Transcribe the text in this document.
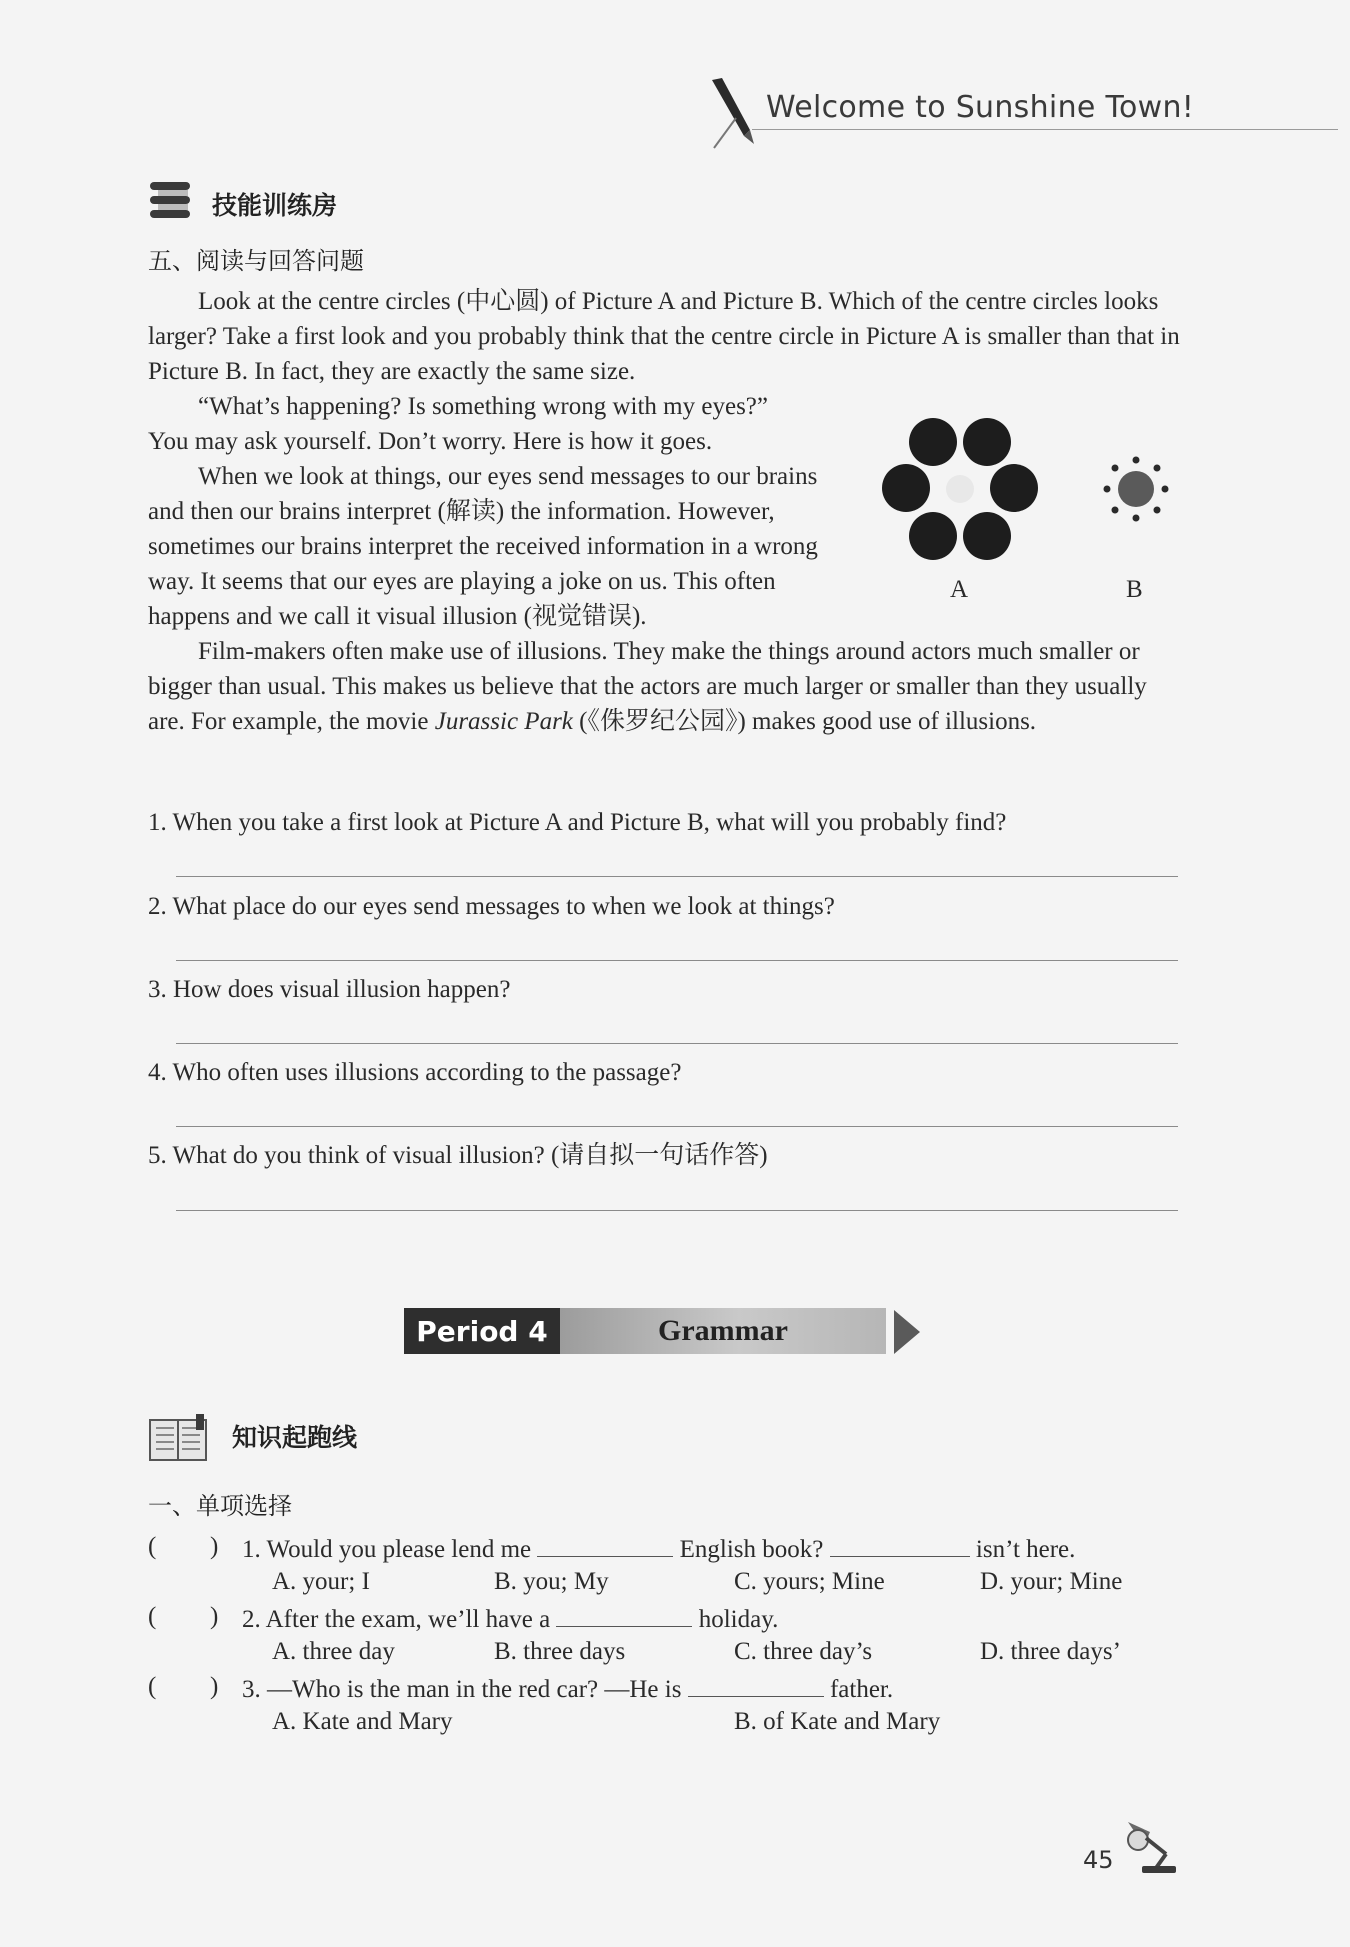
Welcome to Sunshine Town!
技能训练房
五、阅读与回答问题

Look at the centre circles (中心圆) of Picture A and Picture B. Which of the centre circles looks larger? Take a first look and you probably think that the centre circle in Picture A is smaller than that in Picture B. In fact, they are exactly the same size.

“What’s happening? Is something wrong with my eyes?”

You may ask yourself. Don’t worry. Here is how it goes.

When we look at things, our eyes send messages to our brains and then our brains interpret (解读) the information. However, sometimes our brains interpret the received information in a wrong way. It seems that our eyes are playing a joke on us. This often happens and we call it visual illusion (视觉错误).

Film-makers often make use of illusions. They make the things around actors much smaller or bigger than usual. This makes us believe that the actors are much larger or smaller than they usually are. For example, the movie Jurassic Park (《侏罗纪公园》) makes good use of illusions.

A	B
1. When you take a first look at Picture A and Picture B, what will you probably find?
2. What place do our eyes send messages to when we look at things?
3. How does visual illusion happen?
4. Who often uses illusions according to the passage?
5. What do you think of visual illusion? (请自拟一句话作答)
Period 4	Grammar
知识起跑线
一、单项选择
( ) 1. Would you please lend me	English book?	isn’t here.
A. your; I	B. you; My	C. yours; Mine	D. your; Mine
( ) 2. After the exam, we’ll have a	holiday.
A. three day	B. three days	C. three day’s	D. three days’
( ) 3. —Who is the man in the red car? —He is	father.
A. Kate and Mary	B. of Kate and Mary
45
